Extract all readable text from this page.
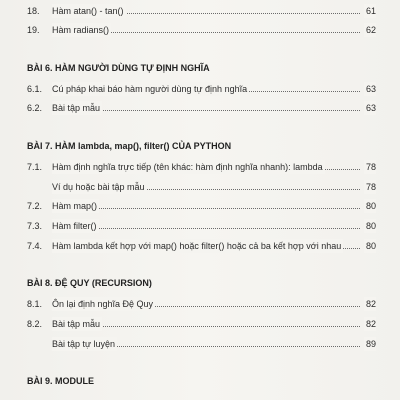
18. Hàm atan() - tan()	61
19. Hàm radians()	62
BÀI 6. HÀM NGƯỜI DÙNG TỰ ĐỊNH NGHĨA
6.1. Cú pháp khai báo hàm người dùng tự định nghĩa	63
6.2. Bài tập mẫu	63
BÀI 7. HÀM lambda, map(), filter() CỦA PYTHON
7.1. Hàm định nghĩa trực tiếp (tên khác: hàm định nghĩa nhanh): lambda	78
Ví dụ hoặc bài tập mẫu	78
7.2. Hàm map()	80
7.3. Hàm filter()	80
7.4. Hàm lambda kết hợp với map() hoặc filter() hoặc cả ba kết hợp với nhau	80
BÀI 8. ĐỆ QUY (RECURSION)
8.1. Ôn lại định nghĩa Đệ Quy	82
8.2. Bài tập mẫu	82
Bài tập tự luyện	89
BÀI 9. MODULE
